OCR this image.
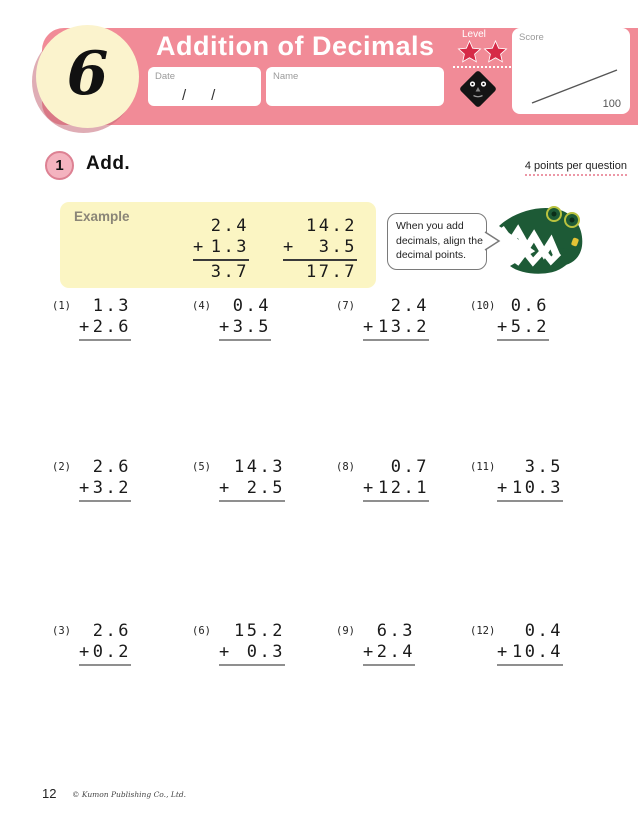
6 Addition of Decimals
Date
/      /
Name
Level	Score
100
1 Add.	4 points per question
Example	2.4
+ 1.3
3.7
14.2
+ 3.5
17.7
When you add
decimals, align the
decimal points.
(1)	1.3
+ 2.6
(4)	0.4
+ 3.5
(7)	2.4
+ 13.2
(10) 0.6
+ 5.2
(2)	2.6
+ 3.2
(5)	14.3
+ 2.5
(8)	0.7
+ 12.1
(11)	3.5
+ 10.3
(3)	2.6
+ 0.2
(6)	15.2
+ 0.3
(9)	6.3
+ 2.4
(12)	0.4
+ 10.4
12 © Kumon Publishing Co., Ltd.
